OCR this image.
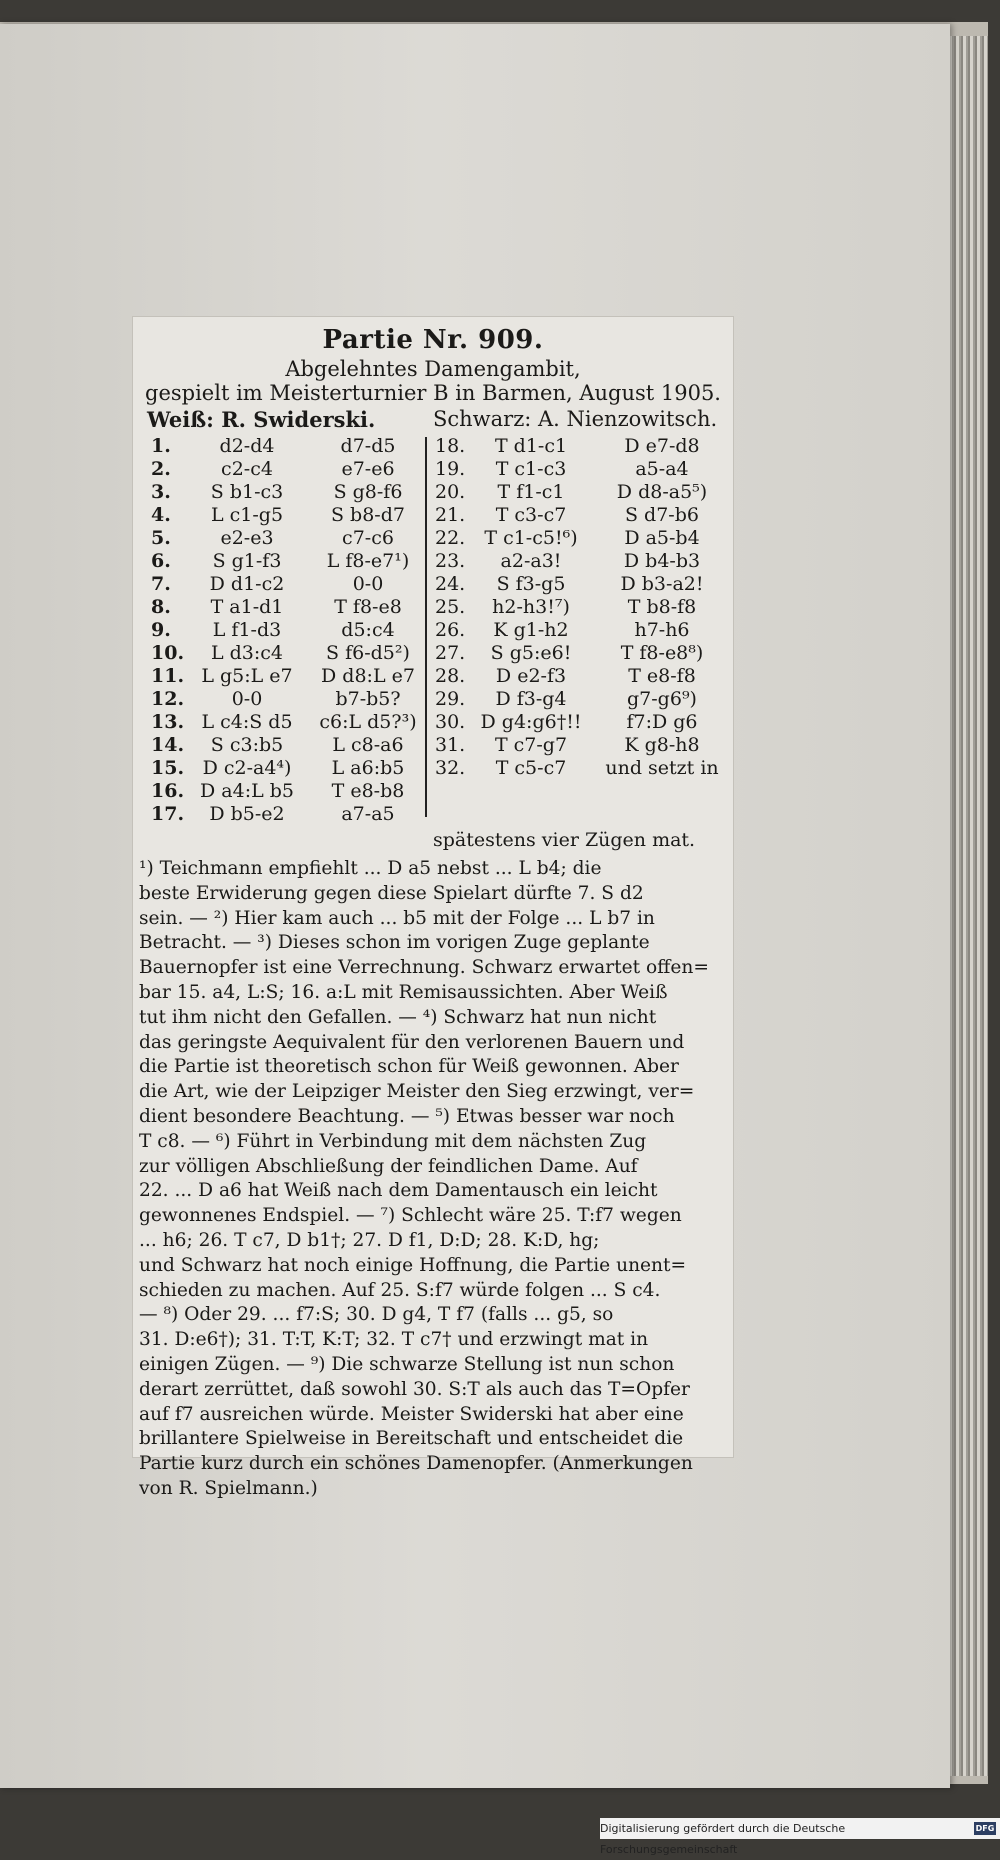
Partie Nr. 909.
Abgelehntes Damengambit,
gespielt im Meisterturnier B in Barmen, August 1905.
Weiß: R. Swiderski.	Schwarz: A. Nienzowitsch.
1.	d2-d4	d7-d5
2.	c2-c4	e7-e6
3.	S b1-c3	S g8-f6
4.	L c1-g5	S b8-d7
5.	e2-e3	c7-c6
6.	S g1-f3	L f8-e7¹)
7.	D d1-c2	0-0
8.	T a1-d1	T f8-e8
9.	L f1-d3	d5:c4
10.	L d3:c4	S f6-d5²)
11. L g5:L e7	D d8:L e7
12.	0-0	b7-b5?
13. L c4:S d5	c6:L d5?³)
14.	S c3:b5	L c8-a6
15. D c2-a4⁴)	L a6:b5
16. D a4:L b5	T e8-b8
17.	D b5-e2	a7-a5
18.	T d1-c1	D e7-d8
19.	T c1-c3	a5-a4
20.	T f1-c1	D d8-a5⁵)
21.	T c3-c7	S d7-b6
22.	T c1-c5!⁶)	D a5-b4
23.	a2-a3!	D b4-b3
24.	S f3-g5	D b3-a2!
25.	h2-h3!⁷)	T b8-f8
26.	K g1-h2	h7-h6
27.	S g5:e6!	T f8-e8⁸)
28.	D e2-f3	T e8-f8
29.	D f3-g4	g7-g6⁹)
30. D g4:g6†!!	f7:D g6
31.	T c7-g7	K g8-h8
32.	T c5-c7	und setzt in
spätestens vier Zügen mat.
¹) Teichmann empfiehlt ... D a5 nebst ... L b4; die
beste Erwiderung gegen diese Spielart dürfte 7. S d2
sein. — ²) Hier kam auch ... b5 mit der Folge ... L b7 in
Betracht. — ³) Dieses schon im vorigen Zuge geplante
Bauernopfer ist eine Verrechnung. Schwarz erwartet offen=
bar 15. a4, L:S; 16. a:L mit Remisaussichten. Aber Weiß
tut ihm nicht den Gefallen. — ⁴) Schwarz hat nun nicht
das geringste Aequivalent für den verlorenen Bauern und
die Partie ist theoretisch schon für Weiß gewonnen. Aber
die Art, wie der Leipziger Meister den Sieg erzwingt, ver=
dient besondere Beachtung. — ⁵) Etwas besser war noch
T c8. — ⁶) Führt in Verbindung mit dem nächsten Zug
zur völligen Abschließung der feindlichen Dame. Auf
22. ... D a6 hat Weiß nach dem Damentausch ein leicht
gewonnenes Endspiel. — ⁷) Schlecht wäre 25. T:f7 wegen
... h6; 26. T c7, D b1†; 27. D f1, D:D; 28. K:D, hg;
und Schwarz hat noch einige Hoffnung, die Partie unent=
schieden zu machen. Auf 25. S:f7 würde folgen ... S c4.
— ⁸) Oder 29. ... f7:S; 30. D g4, T f7 (falls ... g5, so
31. D:e6†); 31. T:T, K:T; 32. T c7† und erzwingt mat in
einigen Zügen. — ⁹) Die schwarze Stellung ist nun schon
derart zerrüttet, daß sowohl 30. S:T als auch das T=Opfer
auf f7 ausreichen würde. Meister Swiderski hat aber eine
brillantere Spielweise in Bereitschaft und entscheidet die
Partie kurz durch ein schönes Damenopfer. (Anmerkungen
von R. Spielmann.)
Digitalisierung gefördert durch die Deutsche Forschungsgemeinschaft
DFG
